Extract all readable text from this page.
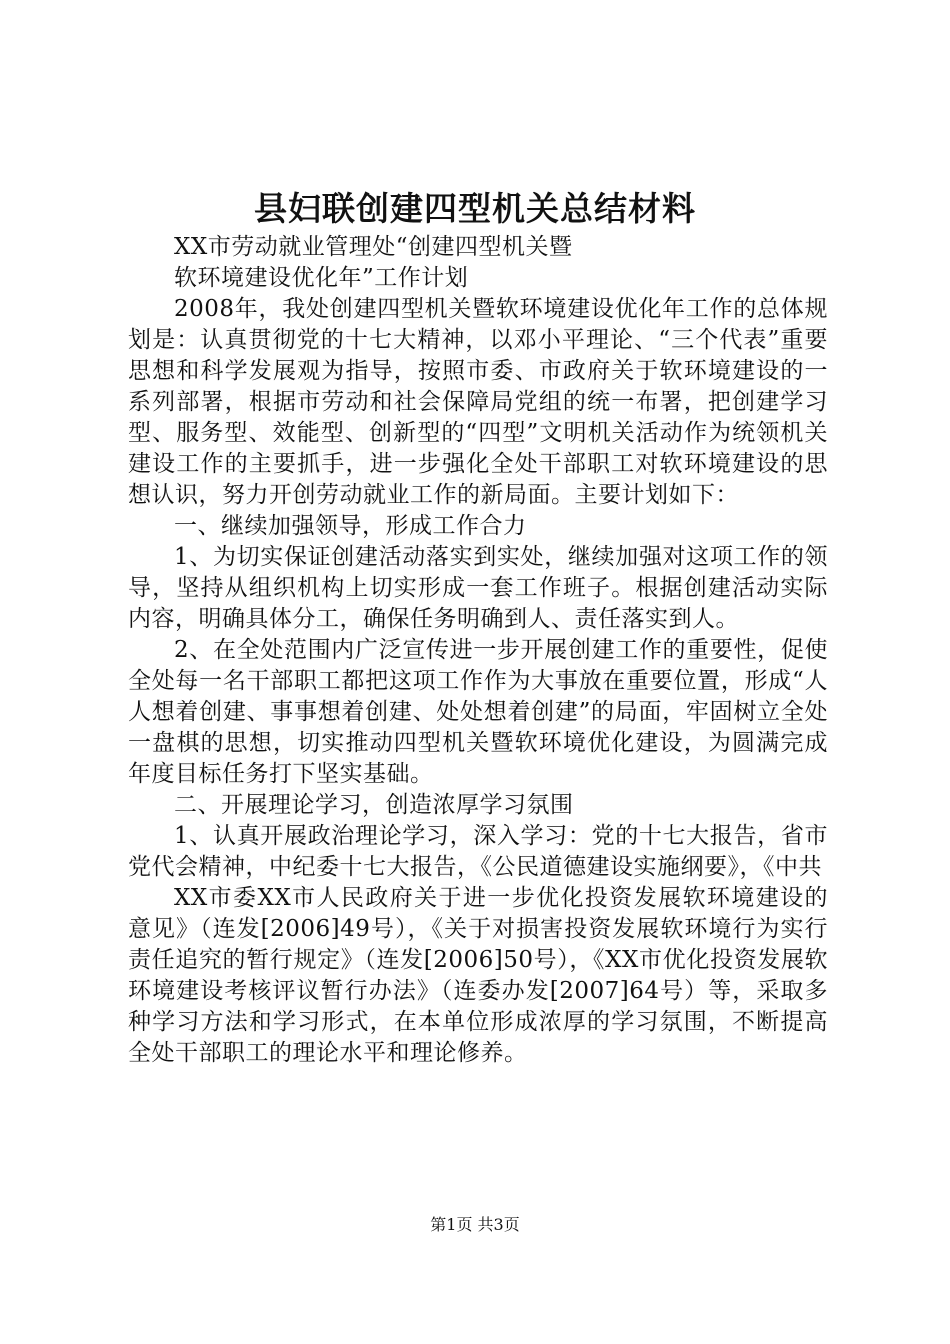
县妇联创建四型机关总结材料

XX市劳动就业管理处“创建四型机关暨

软环境建设优化年”工作计划

2008年，我处创建四型机关暨软环境建设优化年工作的总体规划是：认真贯彻党的十七大精神，以邓小平理论、“三个代表”重要思想和科学发展观为指导，按照市委、市政府关于软环境建设的一系列部署，根据市劳动和社会保障局党组的统一布署，把创建学习型、服务型、效能型、创新型的“四型”文明机关活动作为统领机关建设工作的主要抓手，进一步强化全处干部职工对软环境建设的思想认识，努力开创劳动就业工作的新局面。主要计划如下：

一、继续加强领导，形成工作合力

1、为切实保证创建活动落实到实处，继续加强对这项工作的领导，坚持从组织机构上切实形成一套工作班子。根据创建活动实际内容，明确具体分工，确保任务明确到人、责任落实到人。

2、在全处范围内广泛宣传进一步开展创建工作的重要性，促使全处每一名干部职工都把这项工作作为大事放在重要位置，形成“人人想着创建、事事想着创建、处处想着创建”的局面，牢固树立全处一盘棋的思想，切实推动四型机关暨软环境优化建设，为圆满完成年度目标任务打下坚实基础。

二、开展理论学习，创造浓厚学习氛围

1、认真开展政治理论学习，深入学习：党的十七大报告，省市党代会精神，中纪委十七大报告，《公民道德建设实施纲要》，《中共

XX市委XX市人民政府关于进一步优化投资发展软环境建设的意见》（连发[2006]49号），《关于对损害投资发展软环境行为实行责任追究的暂行规定》（连发[2006]50号），《XX市优化投资发展软环境建设考核评议暂行办法》（连委办发[2007]64号）等，采取多种学习方法和学习形式，在本单位形成浓厚的学习氛围，不断提高全处干部职工的理论水平和理论修养。

第1页 共3页
